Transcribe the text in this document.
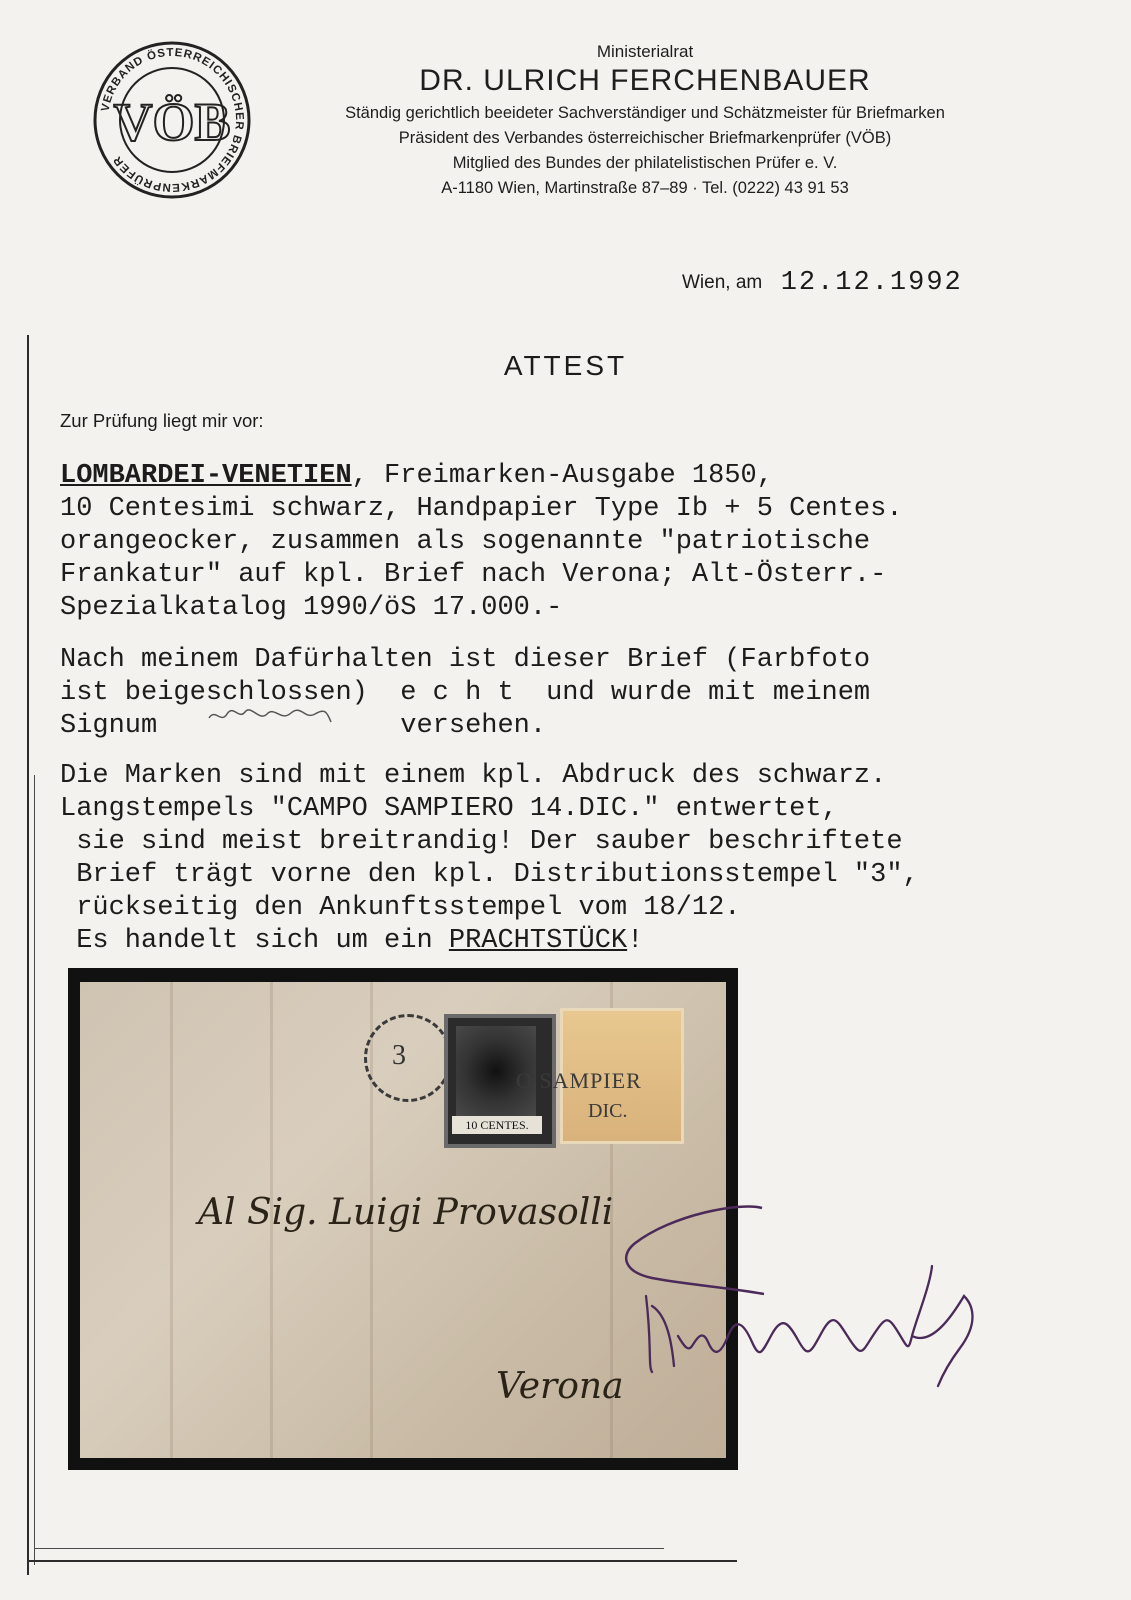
VERBAND ÖSTERREICHISCHER BRIEFMARKENPRÜFER
VÖB
Ministerialrat
DR. ULRICH FERCHENBAUER
Ständig gerichtlich beeideter Sachverständiger und Schätzmeister für Briefmarken
Präsident des Verbandes österreichischer Briefmarkenprüfer (VÖB)
Mitglied des Bundes der philatelistischen Prüfer e. V.
A-1180 Wien, Martinstraße 87–89 · Tel. (0222) 43 91 53
Wien, am 12.12.1992
ATTEST
Zur Prüfung liegt mir vor:
LOMBARDEI-VENETIEN, Freimarken-Ausgabe 1850,
10 Centesimi schwarz, Handpapier Type Ib + 5 Centes.
orangeocker, zusammen als sogenannte "patriotische
Frankatur" auf kpl. Brief nach Verona; Alt-Österr.-
Spezialkatalog 1990/öS 17.000.-
Nach meinem Dafürhalten ist dieser Brief (Farbfoto
ist beigeschlossen)  e c h t  und wurde mit meinem
Signum               versehen.
Die Marken sind mit einem kpl. Abdruck des schwarz.
Langstempels "CAMPO SAMPIERO 14.DIC." entwertet,
sie sind meist breitrandig! Der sauber beschriftete
Brief trägt vorne den kpl. Distributionsstempel "3",
rückseitig den Ankunftsstempel vom 18/12.
Es handelt sich um ein PRACHTSTÜCK!
3
10 CENTES.
O SAMPIER
DIC.
Al Sig. Luigi Provasolli
Verona
